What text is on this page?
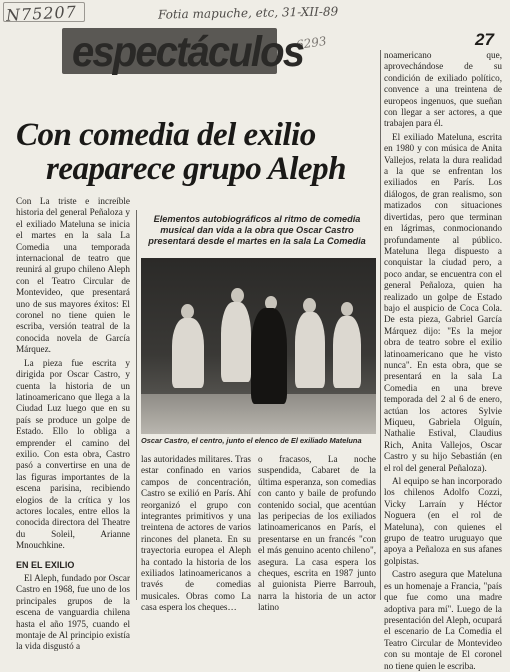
N75207	Fotia mapuche, etc, 31-XII-89
6293
espectáculos	27
Con comedia del exilio
reaparece grupo Aleph

Con La triste e increíble historia del general Peñaloza y el exiliado Mateluna se inicia el martes en la sala La Comedia una temporada internacional de teatro que reunirá al grupo chileno Aleph con el Teatro Circular de Montevideo, que presentará uno de sus mayores éxitos: El coronel no tiene quien le escriba, versión teatral de la conocida novela de García Márquez.

La pieza fue escrita y dirigida por Oscar Castro, y cuenta la historia de un latinoamericano que llega a la Ciudad Luz luego que en su país se produce un golpe de Estado. Ello lo obliga a emprender el camino del exilio. Con esta obra, Castro pasó a convertirse en una de las figuras importantes de la escena parisina, recibiendo elogios de la crítica y los actores locales, entre ellos la conocida directora del Theatre du Soleil, Arianne Mnouchkine.

EN EL EXILIO

El Aleph, fundado por Oscar Castro en 1968, fue uno de los principales grupos de la escena de vanguardia chilena hasta el año 1975, cuando el montaje de Al principio existía la vida disgustó a

Elementos autobiográficos al ritmo de comedia musical dan vida a la obra que Oscar Castro presentará desde el martes en la sala La Comedia
Oscar Castro, el centro, junto el elenco de El exiliado Mateluna

las autoridades militares. Tras estar confinado en varios campos de concentración, Castro se exilió en París. Ahí reorganizó el grupo con integrantes primitivos y una treintena de actores de varios rincones del planeta. En su trayectoria europea el Aleph ha contado la historia de los exiliados latinoamericanos a través de comedias musicales. Obras como La casa espera los cheques…

o fracasos, La noche suspendida, Cabaret de la última esperanza, son comedias con canto y baile de profundo contenido social, que acentúan las peripecias de los exiliados latinoamericanos en París, el presentarse en un francés "con el más genuino acento chileno", asegura. La casa espera los cheques, escrita en 1987 junto al guionista Pierre Barrouh, narra la historia de un actor latino

noamericano que, aprovechándose de su condición de exiliado político, convence a una treintena de europeos ingenuos, que sueñan con llegar a ser actores, a que trabajen para él.

El exiliado Mateluna, escrita en 1980 y con música de Anita Vallejos, relata la dura realidad a la que se enfrentan los exiliados en París. Los diálogos, de gran realismo, son matizados con situaciones divertidas, pero que terminan en lágrimas, conmocionando profundamente al público. Mateluna llega dispuesto a conquistar la ciudad pero, a poco andar, se encuentra con el general Peñaloza, quien ha realizado un golpe de Estado bajo el auspicio de Coca Cola. De esta pieza, Gabriel García Márquez dijo: "Es la mejor obra de teatro sobre el exilio latinoamericano que he visto nunca". En esta obra, que se presentará en la sala La Comedia en una breve temporada del 2 al 6 de enero, actúan los actores Sylvie Miqueu, Gabriela Olguín, Nathalie Estival, Claudius Rich, Anita Vallejos, Oscar Castro y su hijo Sebastián (en el rol del general Peñaloza).

Al equipo se han incorporado los chilenos Adolfo Cozzi, Vicky Larraín y Héctor Noguera (en el rol de Mateluna), con quienes el grupo de teatro uruguayo que apoya a Peñaloza en sus afanes golpistas.

Castro asegura que Mateluna es un homenaje a Francia, "país que fue como una madre adoptiva para mí". Luego de la presentación del Aleph, ocupará el escenario de La Comedia el Teatro Circular de Montevideo con su montaje de El coronel no tiene quien le escriba.
